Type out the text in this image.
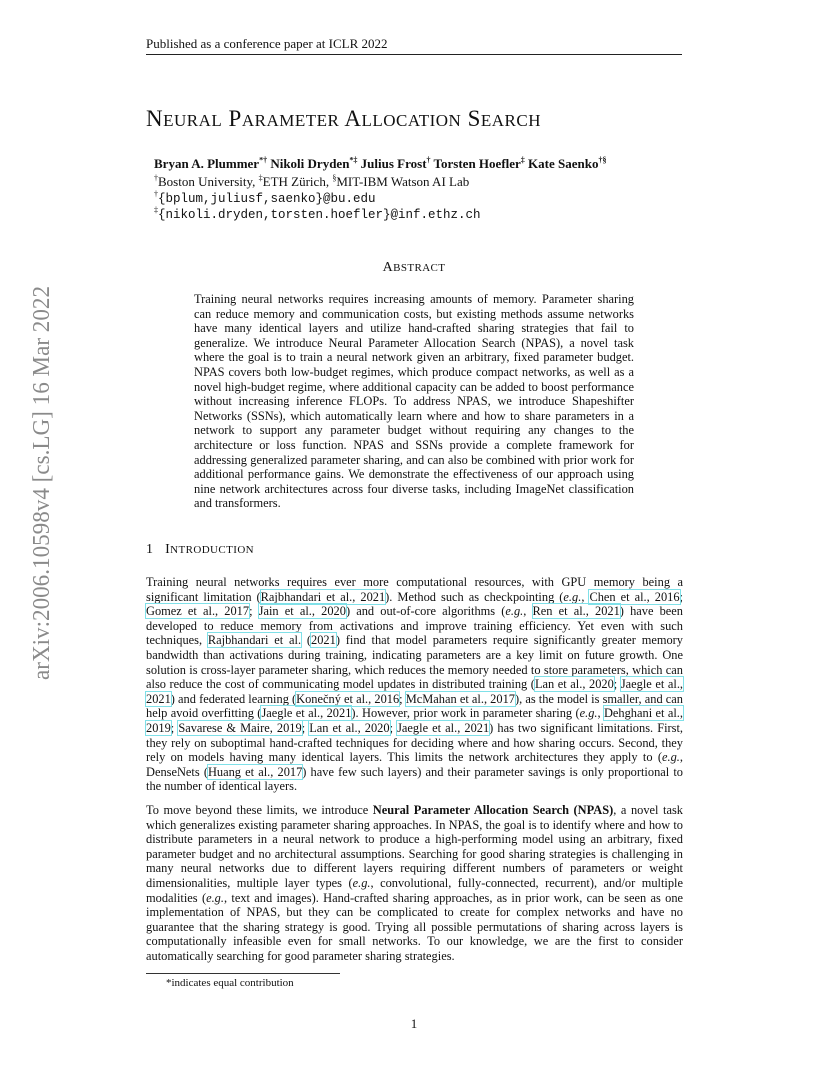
Published as a conference paper at ICLR 2022
arXiv:2006.10598v4 [cs.LG] 16 Mar 2022
NEURAL PARAMETER ALLOCATION SEARCH
Bryan A. Plummer*† Nikoli Dryden*‡ Julius Frost† Torsten Hoefler‡ Kate Saenko†§
†Boston University, ‡ETH Zürich, §MIT-IBM Watson AI Lab
†{bplum,juliusf,saenko}@bu.edu
‡{nikoli.dryden,torsten.hoefler}@inf.ethz.ch
ABSTRACT
Training neural networks requires increasing amounts of memory. Parameter sharing can reduce memory and communication costs, but existing methods assume networks have many identical layers and utilize hand-crafted sharing strategies that fail to generalize. We introduce Neural Parameter Allocation Search (NPAS), a novel task where the goal is to train a neural network given an arbitrary, fixed parameter budget. NPAS covers both low-budget regimes, which produce compact networks, as well as a novel high-budget regime, where additional capacity can be added to boost performance without increasing inference FLOPs. To address NPAS, we introduce Shapeshifter Networks (SSNs), which automatically learn where and how to share parameters in a network to support any parameter budget without requiring any changes to the architecture or loss function. NPAS and SSNs provide a complete framework for addressing generalized parameter sharing, and can also be combined with prior work for additional performance gains. We demonstrate the effectiveness of our approach using nine network architectures across four diverse tasks, including ImageNet classification and transformers.
1 INTRODUCTION
Training neural networks requires ever more computational resources, with GPU memory being a significant limitation (Rajbhandari et al., 2021). Method such as checkpointing (e.g., Chen et al., 2016; Gomez et al., 2017; Jain et al., 2020) and out-of-core algorithms (e.g., Ren et al., 2021) have been developed to reduce memory from activations and improve training efficiency. Yet even with such techniques, Rajbhandari et al. (2021) find that model parameters require significantly greater memory bandwidth than activations during training, indicating parameters are a key limit on future growth. One solution is cross-layer parameter sharing, which reduces the memory needed to store parameters, which can also reduce the cost of communicating model updates in distributed training (Lan et al., 2020; Jaegle et al., 2021) and federated learning (Konečný et al., 2016; McMahan et al., 2017), as the model is smaller, and can help avoid overfitting (Jaegle et al., 2021). However, prior work in parameter sharing (e.g., Dehghani et al., 2019; Savarese & Maire, 2019; Lan et al., 2020; Jaegle et al., 2021) has two significant limitations. First, they rely on suboptimal hand-crafted techniques for deciding where and how sharing occurs. Second, they rely on models having many identical layers. This limits the network architectures they apply to (e.g., DenseNets (Huang et al., 2017) have few such layers) and their parameter savings is only proportional to the number of identical layers.
To move beyond these limits, we introduce Neural Parameter Allocation Search (NPAS), a novel task which generalizes existing parameter sharing approaches. In NPAS, the goal is to identify where and how to distribute parameters in a neural network to produce a high-performing model using an arbitrary, fixed parameter budget and no architectural assumptions. Searching for good sharing strategies is challenging in many neural networks due to different layers requiring different numbers of parameters or weight dimensionalities, multiple layer types (e.g., convolutional, fully-connected, recurrent), and/or multiple modalities (e.g., text and images). Hand-crafted sharing approaches, as in prior work, can be seen as one implementation of NPAS, but they can be complicated to create for complex networks and have no guarantee that the sharing strategy is good. Trying all possible permutations of sharing across layers is computationally infeasible even for small networks. To our knowledge, we are the first to consider automatically searching for good parameter sharing strategies.
*indicates equal contribution
1
